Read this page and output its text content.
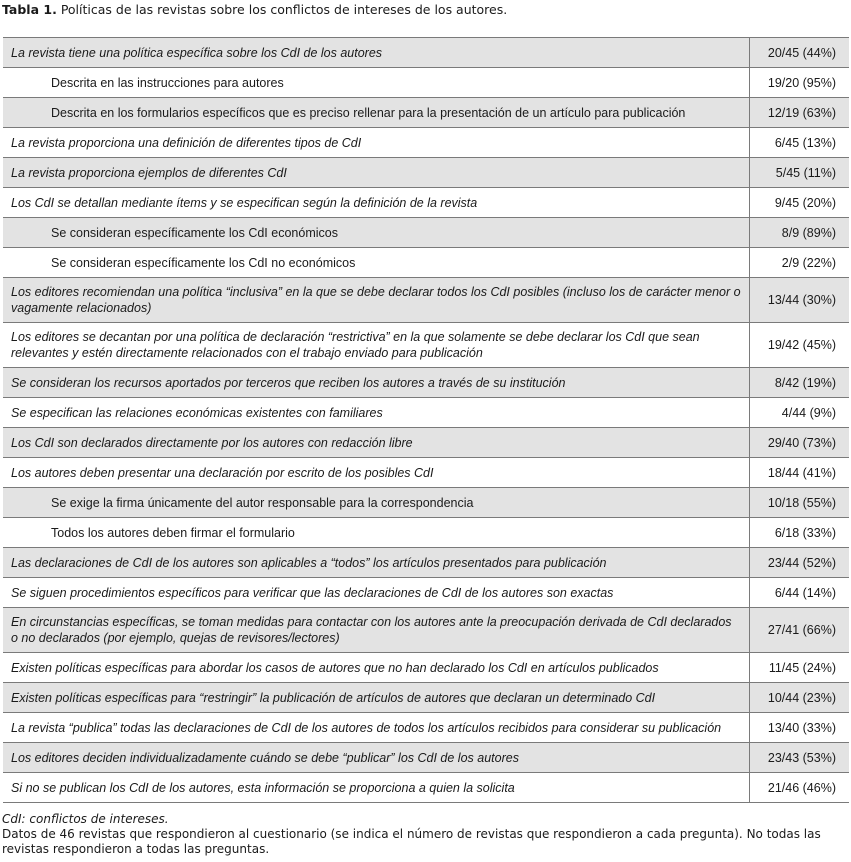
Tabla 1. Políticas de las revistas sobre los conflictos de intereses de los autores.
La revista tiene una política específica sobre los CdI de los autores	20/45 (44%)
Descrita en las instrucciones para autores	19/20 (95%)
Descrita en los formularios específicos que es preciso rellenar para la presentación de un artículo para publicación	12/19 (63%)
La revista proporciona una definición de diferentes tipos de CdI	6/45 (13%)
La revista proporciona ejemplos de diferentes CdI	5/45 (11%)
Los CdI se detallan mediante ítems y se especifican según la definición de la revista	9/45 (20%)
Se consideran específicamente los CdI económicos	8/9 (89%)
Se consideran específicamente los CdI no económicos	2/9 (22%)
Los editores recomiendan una política “inclusiva” en la que se debe declarar todos los CdI posibles (incluso los de carácter menor o vagamente relacionados)	13/44 (30%)
Los editores se decantan por una política de declaración “restrictiva” en la que solamente se debe declarar los CdI que sean relevantes y estén directamente relacionados con el trabajo enviado para publicación	19/42 (45%)
Se consideran los recursos aportados por terceros que reciben los autores a través de su institución	8/42 (19%)
Se especifican las relaciones económicas existentes con familiares	4/44 (9%)
Los CdI son declarados directamente por los autores con redacción libre	29/40 (73%)
Los autores deben presentar una declaración por escrito de los posibles CdI	18/44 (41%)
Se exige la firma únicamente del autor responsable para la correspondencia	10/18 (55%)
Todos los autores deben firmar el formulario	6/18 (33%)
Las declaraciones de CdI de los autores son aplicables a “todos” los artículos presentados para publicación	23/44 (52%)
Se siguen procedimientos específicos para verificar que las declaraciones de CdI de los autores son exactas	6/44 (14%)
En circunstancias específicas, se toman medidas para contactar con los autores ante la preocupación derivada de CdI declarados o no declarados (por ejemplo, quejas de revisores/lectores)	27/41 (66%)
Existen políticas específicas para abordar los casos de autores que no han declarado los CdI en artículos publicados	11/45 (24%)
Existen políticas específicas para “restringir” la publicación de artículos de autores que declaran un determinado CdI	10/44 (23%)
La revista “publica” todas las declaraciones de CdI de los autores de todos los artículos recibidos para considerar su publicación	13/40 (33%)
Los editores deciden individualizadamente cuándo se debe “publicar” los CdI de los autores	23/43 (53%)
Si no se publican los CdI de los autores, esta información se proporciona a quien la solicita	21/46 (46%)
CdI: conflictos de intereses.
Datos de 46 revistas que respondieron al cuestionario (se indica el número de revistas que respondieron a cada pregunta). No todas las revistas respondieron a todas las preguntas.
